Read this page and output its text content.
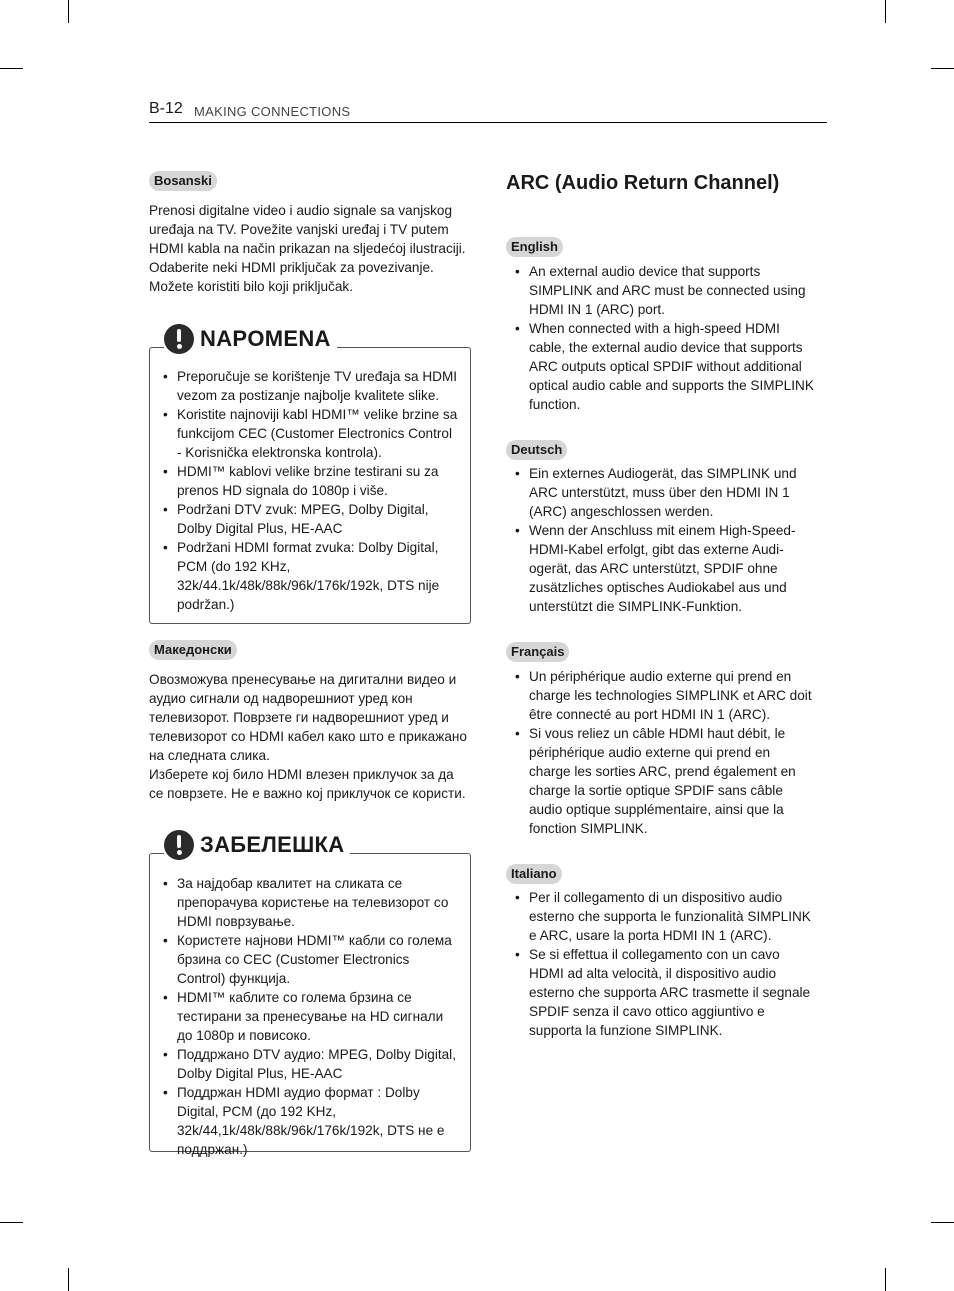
B-12 MAKING CONNECTIONS
Bosanski

Prenosi digitalne video i audio signale sa vanjskog uređaja na TV. Povežite vanjski uređaj i TV putem HDMI kabla na način prikazan na sljedećoj ilustraciji.
Odaberite neki HDMI priključak za povezivanje. Možete koristiti bilo koji priključak.

NAPOMENA
• Preporučuje se korištenje TV uređaja sa HDMI vezom za postizanje najbolje kvalitete slike.
• Koristite najnoviji kabl HDMI™ velike brzine sa funkcijom CEC (Customer Electronics Control - Korisnička elektronska kontrola).
• HDMI™ kablovi velike brzine testirani su za prenos HD signala do 1080p i više.
• Podržani DTV zvuk: MPEG, Dolby Digital, Dolby Digital Plus, HE-AAC
• Podržani HDMI format zvuka: Dolby Digital, PCM (do 192 KHz, 32k/44.1k/48k/88k/96k/176k/192k, DTS nije podržan.)
Македонски

Овозможува пренесување на дигитални видео и аудио сигнали од надворешниот уред кон телевизорот. Поврзете ги надворешниот уред и телевизорот со HDMI кабел како што е прикажано на следната слика.
Изберете кој било HDMI влезен приклучок за да се поврзете. Не е важно кој приклучок се користи.

ЗАБЕЛЕШКА
• За најдобар квалитет на сликата се препорачува користење на телевизорот со HDMI поврзување.
• Користете најнови HDMI™ кабли со голема брзина со CEC (Customer Electronics Control) функција.
• HDMI™ каблите со голема брзина се тестирани за пренесување на HD сигнали до 1080p и повисоко.
• Поддржано DTV аудио: MPEG, Dolby Digital, Dolby Digital Plus, HE-AAC
• Поддржан HDMI аудио формат : Dolby Digital, PCM (до 192 KHz, 32k/44,1k/48k/88k/96k/176k/192k, DTS не е поддржан.)
ARC (Audio Return Channel)
English
• An external audio device that supports SIMPLINK and ARC must be connected using HDMI IN 1 (ARC) port.
• When connected with a high-speed HDMI cable, the external audio device that supports ARC outputs optical SPDIF without additional optical audio cable and supports the SIMPLINK function.
Deutsch
• Ein externes Audiogerät, das SIMPLINK und ARC unterstützt, muss über den HDMI IN 1 (ARC) angeschlossen werden.
• Wenn der Anschluss mit einem High-Speed-HDMI-Kabel erfolgt, gibt das externe Audi-ogerät, das ARC unterstützt, SPDIF ohne zusätzliches optisches Audiokabel aus und unterstützt die SIMPLINK-Funktion.
Français
• Un périphérique audio externe qui prend en charge les technologies SIMPLINK et ARC doit être connecté au port HDMI IN 1 (ARC).
• Si vous reliez un câble HDMI haut débit, le périphérique audio externe qui prend en charge les sorties ARC, prend également en charge la sortie optique SPDIF sans câble audio optique supplémentaire, ainsi que la fonction SIMPLINK.
Italiano
• Per il collegamento di un dispositivo audio esterno che supporta le funzionalità SIMPLINK e ARC, usare la porta HDMI IN 1 (ARC).
• Se si effettua il collegamento con un cavo HDMI ad alta velocità, il dispositivo audio esterno che supporta ARC trasmette il segnale SPDIF senza il cavo ottico aggiuntivo e supporta la funzione SIMPLINK.
